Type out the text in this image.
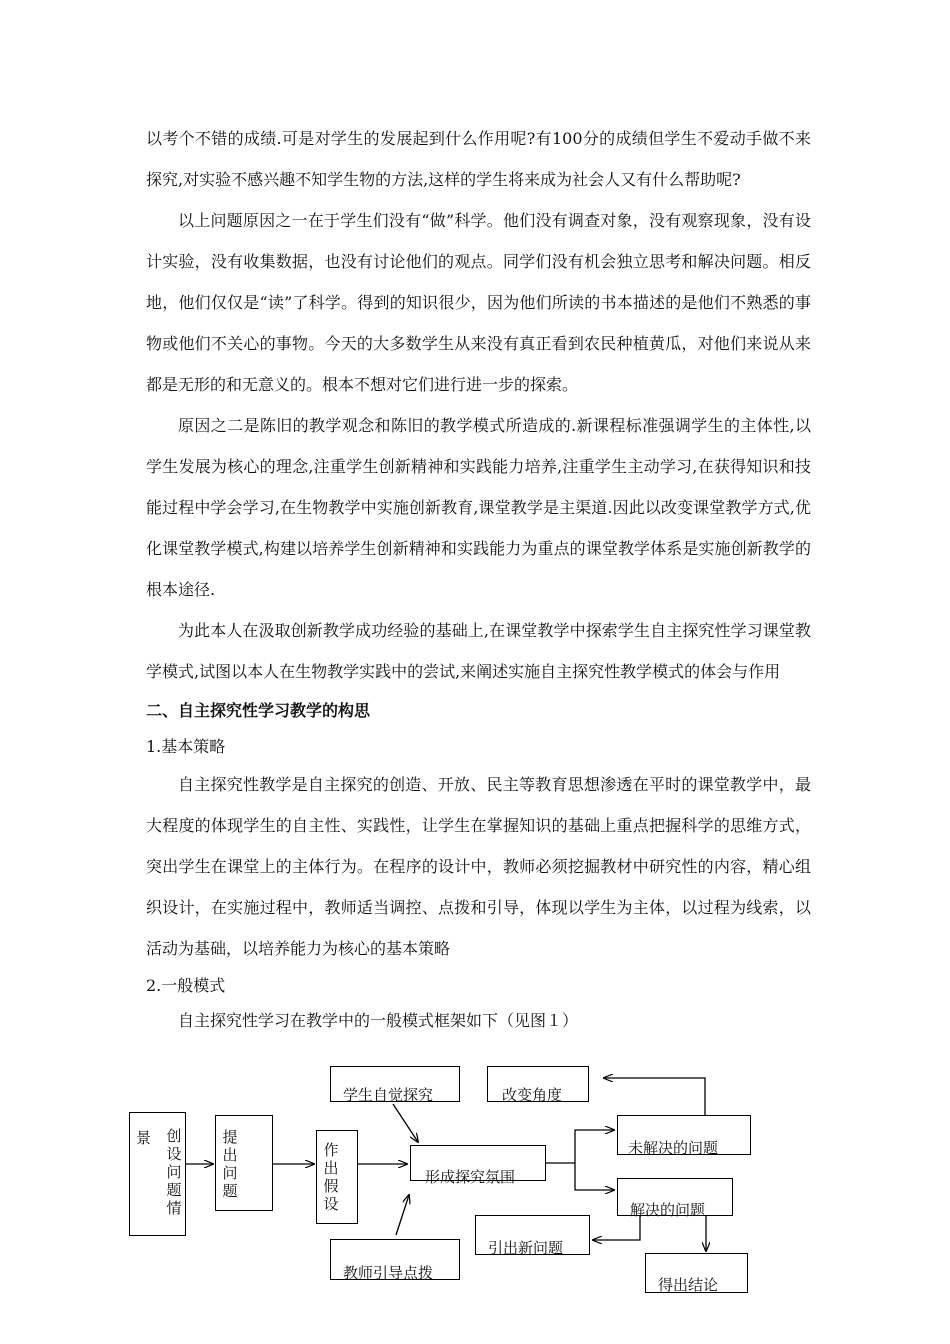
以考个不错的成绩.可是对学生的发展起到什么作用呢?有100分的成绩但学生不爱动手做不来探究,对实验不感兴趣不知学生物的方法,这样的学生将来成为社会人又有什么帮助呢?

以上问题原因之一在于学生们没有“做”科学。他们没有调查对象，没有观察现象，没有设计实验，没有收集数据，也没有讨论他们的观点。同学们没有机会独立思考和解决问题。相反地，他们仅仅是“读”了科学。得到的知识很少，因为他们所读的书本描述的是他们不熟悉的事物或他们不关心的事物。今天的大多数学生从来没有真正看到农民种植黄瓜，对他们来说从来都是无形的和无意义的。根本不想对它们进行进一步的探索。

原因之二是陈旧的教学观念和陈旧的教学模式所造成的.新课程标准强调学生的主体性,以学生发展为核心的理念,注重学生创新精神和实践能力培养,注重学生主动学习,在获得知识和技能过程中学会学习,在生物教学中实施创新教育,课堂教学是主渠道.因此以改变课堂教学方式,优化课堂教学模式,构建以培养学生创新精神和实践能力为重点的课堂教学体系是实施创新教学的根本途径.

为此本人在汲取创新教学成功经验的基础上,在课堂教学中探索学生自主探究性学习课堂教学模式,试图以本人在生物教学实践中的尝试,来阐述实施自主探究性教学模式的体会与作用

二、自主探究性学习教学的构思

1.基本策略

自主探究性教学是自主探究的创造、开放、民主等教育思想渗透在平时的课堂教学中，最大程度的体现学生的自主性、实践性，让学生在掌握知识的基础上重点把握科学的思维方式，突出学生在课堂上的主体行为。在程序的设计中，教师必须挖掘教材中研究性的内容，精心组织设计，在实施过程中，教师适当调控、点拨和引导，体现以学生为主体，以过程为线索，以活动为基础，以培养能力为核心的基本策略

2.一般模式

自主探究性学习在教学中的一般模式框架如下（见图１）

景 创设问题情
提出问题
作出假设
学生自觉探究
形成探究氛围
教师引导点拨
改变角度
未解决的问题
解决的问题
引出新问题
得出结论
